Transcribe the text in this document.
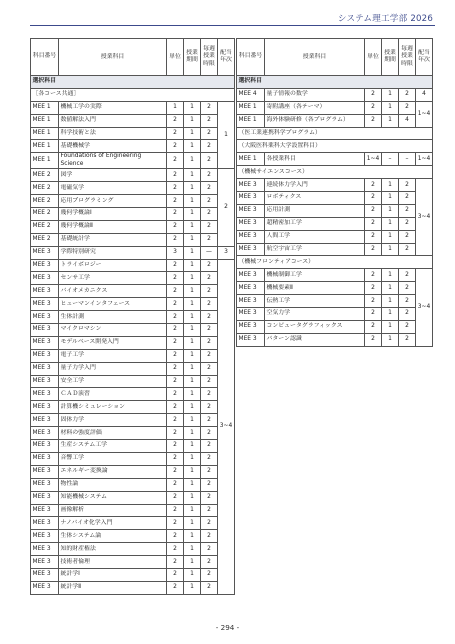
システム理工学部 2026
科目番号	授業科目	単位	授業期間	毎週授業時限	配当年次
選択科目					
［各コース共通］					
MEE 1	機械工学の実際	1	1	2	1
MEE 1	数値解法入門	2	1	2	
MEE 1	科学技術と法	2	1	2	
MEE 1	基礎機械学	2	1	2	
MEE 1	Foundations of Engineering Science	2	1	2	
MEE 2	図学	2	1	2	2
MEE 2	電磁気学	2	1	2	
MEE 2	応用プログラミング	2	1	2	
MEE 2	幾何学概論Ⅰ	2	1	2	
MEE 2	幾何学概論Ⅱ	2	1	2	
MEE 2	基礎統計学	2	1	2	
MEE 3	学際特別研究	3	1	—	3
MEE 3	トライボロジー	2	1	2	3~4
MEE 3	センサ工学	2	1	2	
MEE 3	バイオメカニクス	2	1	2	
MEE 3	ヒューマンインタフェース	2	1	2	
MEE 3	生体計測	2	1	2	
MEE 3	マイクロマシン	2	1	2	
MEE 3	モデルベース開発入門	2	1	2	
MEE 3	電子工学	2	1	2	
MEE 3	量子力学入門	2	1	2	
MEE 3	安全工学	2	1	2	
MEE 3	ＣＡＤ演習	2	1	2	
MEE 3	計算機シミュレーション	2	1	2	
MEE 3	固体力学	2	1	2	
MEE 3	材料の強度評価	2	1	2	
MEE 3	生産システム工学	2	1	2	
MEE 3	音響工学	2	1	2	
MEE 3	エネルギー変換論	2	1	2	
MEE 3	物性論	2	1	2	
MEE 3	知能機械システム	2	1	2	
MEE 3	画像解析	2	1	2	
MEE 3	ナノバイオ化学入門	2	1	2	
MEE 3	生体システム論	2	1	2	
MEE 3	知的財産権法	2	1	2	
MEE 3	技術者倫理	2	1	2	
MEE 3	統計学Ⅰ	2	1	2	
MEE 3	統計学Ⅱ	2	1	2	
科目番号	授業科目	単位	授業期間	毎週授業時限	配当年次
選択科目					
MEE 4	量子情報の数学	2	1	2	4
MEE 1	寄附講座（各テーマ）	2	1	2	1~4
MEE 1	海外体験研修（各プログラム）	2	1	4	
（医工業連携科学プログラム）					
（大阪医科薬科大学設置科目）					
MEE 1	各授業科目	1~4	–	–	1~4
（機械サイエンスコース）					
MEE 3	連続体力学入門	2	1	2	3~4
MEE 3	ロボティクス	2	1	2	
MEE 3	応用計測	2	1	2	
MEE 3	超精密加工学	2	1	2	
MEE 3	人間工学	2	1	2	
MEE 3	航空宇宙工学	2	1	2	
（機械フロンティアコース）					
MEE 3	機械制御工学	2	1	2	3~4
MEE 3	機械要素Ⅱ	2	1	2	
MEE 3	伝熱工学	2	1	2	
MEE 3	空気力学	2	1	2	
MEE 3	コンピュータグラフィックス	2	1	2	
MEE 3	パターン認識	2	1	2	
- 294 -
